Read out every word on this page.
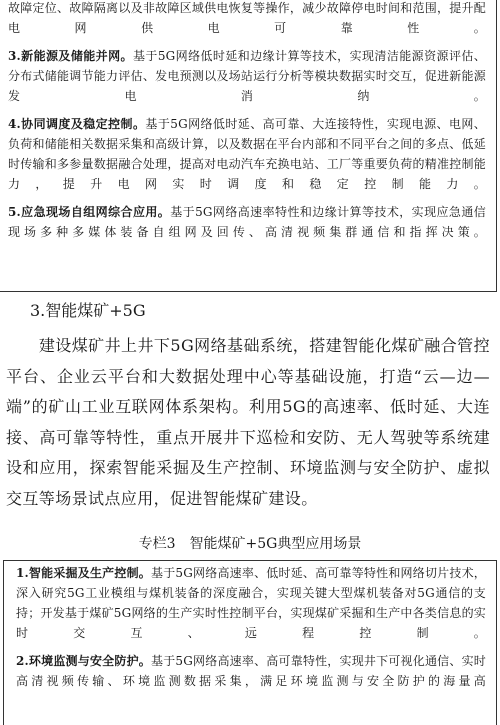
故障定位、故障隔离以及非故障区域供电恢复等操作，减少故障停电时间和范围，提升配电网供电可靠性。

3.新能源及储能并网。基于5G网络低时延和边缘计算等技术，实现清洁能源资源评估、分布式储能调节能力评估、发电预测以及场站运行分析等模块数据实时交互，促进新能源发电消纳。

4.协同调度及稳定控制。基于5G网络低时延、高可靠、大连接特性，实现电源、电网、负荷和储能相关数据采集和高级计算，以及数据在平台内部和不同平台之间的多点、低延时传输和多参量数据融合处理，提高对电动汽车充换电站、工厂等重要负荷的精准控制能力，提升电网实时调度和稳定控制能力。

5.应急现场自组网综合应用。基于5G网络高速率特性和边缘计算等技术，实现应急通信现场多种多媒体装备自组网及回传、高清视频集群通信和指挥决策。

3.智能煤矿+5G

　　建设煤矿井上井下5G网络基础系统，搭建智能化煤矿融合管控平台、企业云平台和大数据处理中心等基础设施，打造“云—边—端”的矿山工业互联网体系架构。利用5G的高速率、低时延、大连接、高可靠等特性，重点开展井下巡检和安防、无人驾驶等系统建设和应用，探索智能采掘及生产控制、环境监测与安全防护、虚拟交互等场景试点应用，促进智能煤矿建设。

专栏3　智能煤矿+5G典型应用场景

1.智能采掘及生产控制。基于5G网络高速率、低时延、高可靠等特性和网络切片技术，深入研究5G工业模组与煤机装备的深度融合，实现关键大型煤机装备对5G通信的支持；开发基于煤矿5G网络的生产实时性控制平台，实现煤矿采掘和生产中各类信息的实时交互、远程控制。

2.环境监测与安全防护。基于5G网络高速率、高可靠特性，实现井下可视化通信、实时高清视频传输、环境监测数据采集，满足环境监测与安全防护的海量高
